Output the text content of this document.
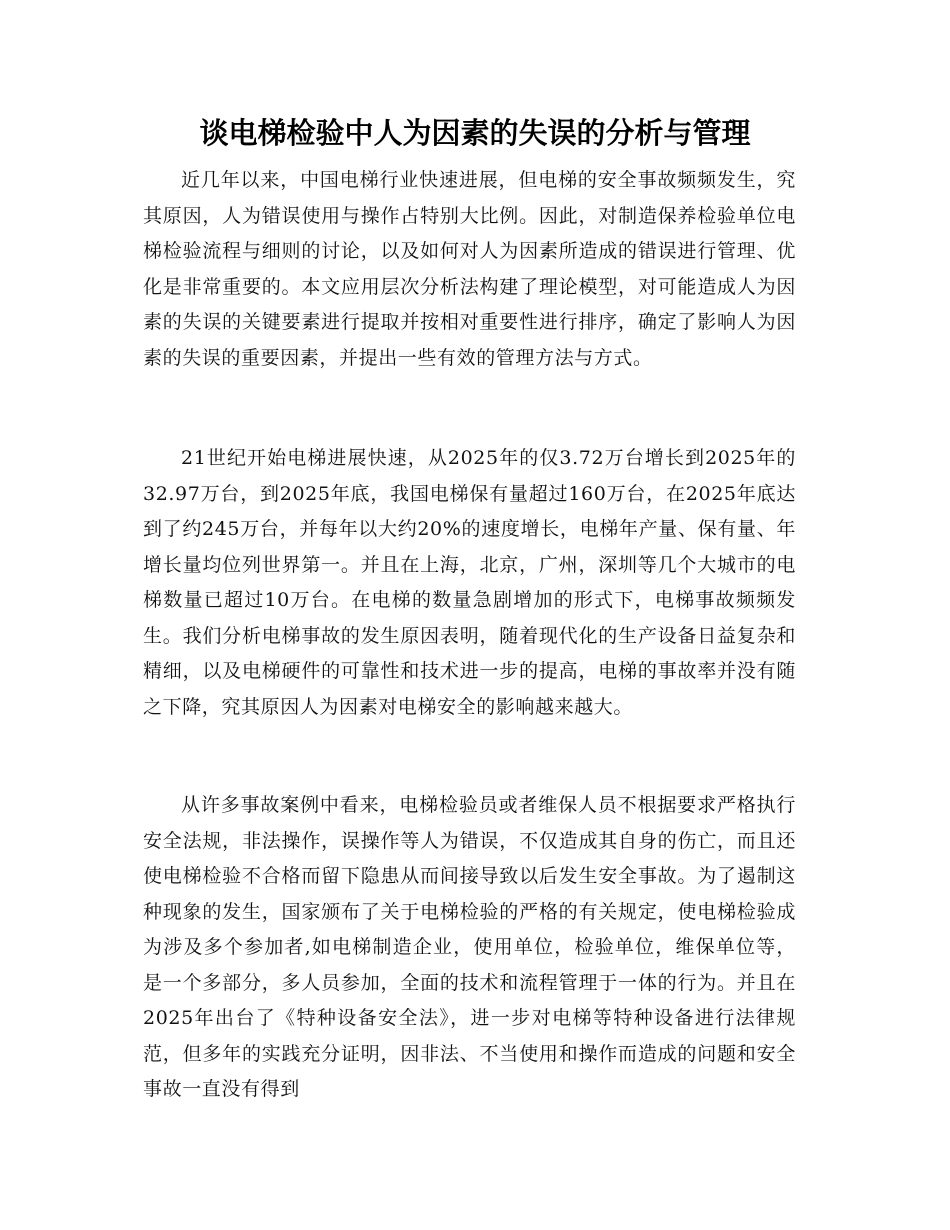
谈电梯检验中人为因素的失误的分析与管理

近几年以来，中国电梯行业快速进展，但电梯的安全事故频频发生，究其原因，人为错误使用与操作占特别大比例。因此，对制造保养检验单位电梯检验流程与细则的讨论，以及如何对人为因素所造成的错误进行管理、优化是非常重要的。本文应用层次分析法构建了理论模型，对可能造成人为因素的失误的关键要素进行提取并按相对重要性进行排序，确定了影响人为因素的失误的重要因素，并提出一些有效的管理方法与方式。

21世纪开始电梯进展快速，从2025年的仅3.72万台增长到2025年的32.97万台，到2025年底，我国电梯保有量超过160万台，在2025年底达到了约245万台，并每年以大约20%的速度增长，电梯年产量、保有量、年增长量均位列世界第一。并且在上海，北京，广州，深圳等几个大城市的电梯数量已超过10万台。在电梯的数量急剧增加的形式下，电梯事故频频发生。我们分析电梯事故的发生原因表明，随着现代化的生产设备日益复杂和精细，以及电梯硬件的可靠性和技术进一步的提高，电梯的事故率并没有随之下降，究其原因人为因素对电梯安全的影响越来越大。

从许多事故案例中看来，电梯检验员或者维保人员不根据要求严格执行安全法规，非法操作，误操作等人为错误，不仅造成其自身的伤亡，而且还使电梯检验不合格而留下隐患从而间接导致以后发生安全事故。为了遏制这种现象的发生，国家颁布了关于电梯检验的严格的有关规定，使电梯检验成为涉及多个参加者,如电梯制造企业，使用单位，检验单位，维保单位等，是一个多部分，多人员参加，全面的技术和流程管理于一体的行为。并且在2025年出台了《特种设备安全法》，进一步对电梯等特种设备进行法律规范，但多年的实践充分证明，因非法、不当使用和操作而造成的问题和安全事故一直没有得到
